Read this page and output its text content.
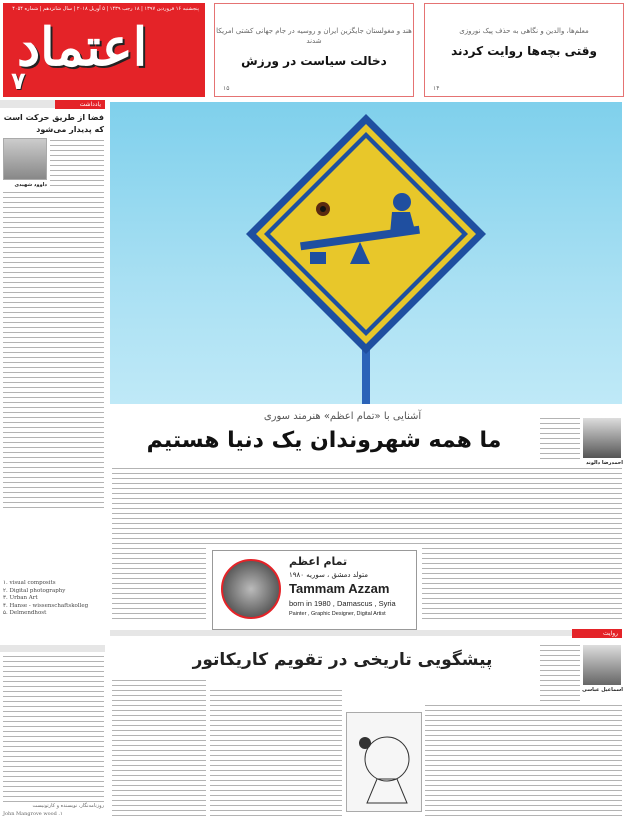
پنجشنبه ۱۶ فروردین ۱۳۹۷ | ۱۸ رجب ۱۴۳۹ | ۵ آوریل ۲۰۱۸ | سال شانزدهم | شماره ۴۰۵۴
اعتماد
۷
هند و مغولستان جایگزین ایران و روسیه در جام جهانی کشتی امریکا شدند
دخالت سیاست در ورزش
۱۵
معلم‌ها، والدین و نگاهی به حذف پیک نوروزی
وقتی بچه‌ها روایت کردند
۱۴
یادداشت
فضا از طریق حرکت است که پدیدار می‌شود
داوود شهیدی
۱. visual composits
۲. Digital photography
۳. Urban Art
۴. Hanse - wissenschaftskolleg
۵. Delmendhost
روزنامه‌نگار، نویسنده و کارتونیست
John Mangrove wood .۱
آشنایی با «تمام اعظم» هنرمند سوری
ما همه شهروندان یک دنیا هستیم
احمدرضا دالوند
تمام اعظم
متولد دمشق ، سوریه ۱۹۸۰
Tammam Azzam
born in 1980 , Damascus , Syria
Painter , Graphic Designer, Digital Artist
روایت
پیشگویی تاریخی در تقویم کاریکاتور
اسماعیل عباسی
